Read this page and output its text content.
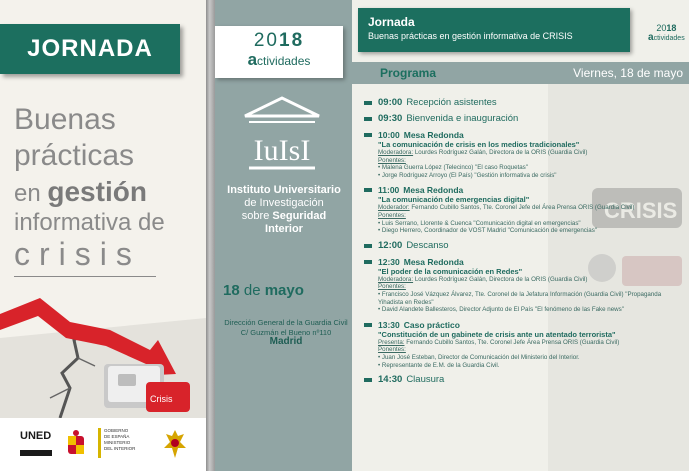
JORNADA
Buenas
prácticas
en gestión
informativa de
crisis
Crisis
UNED	GOBIERNO
DE ESPAÑA
MINISTERIO
DEL INTERIOR
2018
actividades
IuIsI
Instituto Universitario
de Investigación
sobre Seguridad Interior
18 de mayo
Dirección General de la Guardia Civil
C/ Guzmán el Bueno nº110
Madrid
CRISIS
Jornada
Buenas prácticas en gestión informativa de CRISIS
2018
actividades
Programa	Viernes, 18 de mayo
09:00 Recepción asistentes
09:30 Bienvenida e inauguración
10:00 Mesa Redonda
"La comunicación de crisis en los medios tradicionales"
Moderadora: Lourdes Rodríguez Galán, Directora de la ORIS (Guardia Civil)
Ponentes:
• Malena Guerra López (Telecinco) "El caso Roquetas"
• Jorge Rodríguez Arroyo (El País) "Gestión informativa de crisis"
11:00 Mesa Redonda
"La comunicación de emergencias digital"
Moderador: Fernando Cubillo Santos, Tte. Coronel Jefe del Área Prensa ORIS (Guardia Civil)
Ponentes:
• Luis Serrano, Llorente & Cuenca "Comunicación digital en emergencias"
• Diego Herrero, Coordinador de VOST Madrid "Comunicación de emergencias"
12:00 Descanso
12:30 Mesa Redonda
"El poder de la comunicación en Redes"
Moderadora: Lourdes Rodríguez Galán, Directora de la ORIS (Guardia Civil)
Ponentes:
• Francisco José Vázquez Álvarez, Tte. Coronel de la Jefatura Información (Guardia Civil) "Propaganda Yihadista en Redes"
• David Alandete Ballesteros, Director Adjunto de El País "El fenómeno de las Fake news"
13:30 Caso práctico
"Constitución de un gabinete de crisis ante un atentado terrorista"
Presenta: Fernando Cubillo Santos, Tte. Coronel Jefe Área Prensa ORIS (Guardia Civil)
Ponentes:
• Juan José Esteban, Director de Comunicación del Ministerio del Interior.
• Representante de E.M. de la Guardia Civil.
14:30 Clausura
